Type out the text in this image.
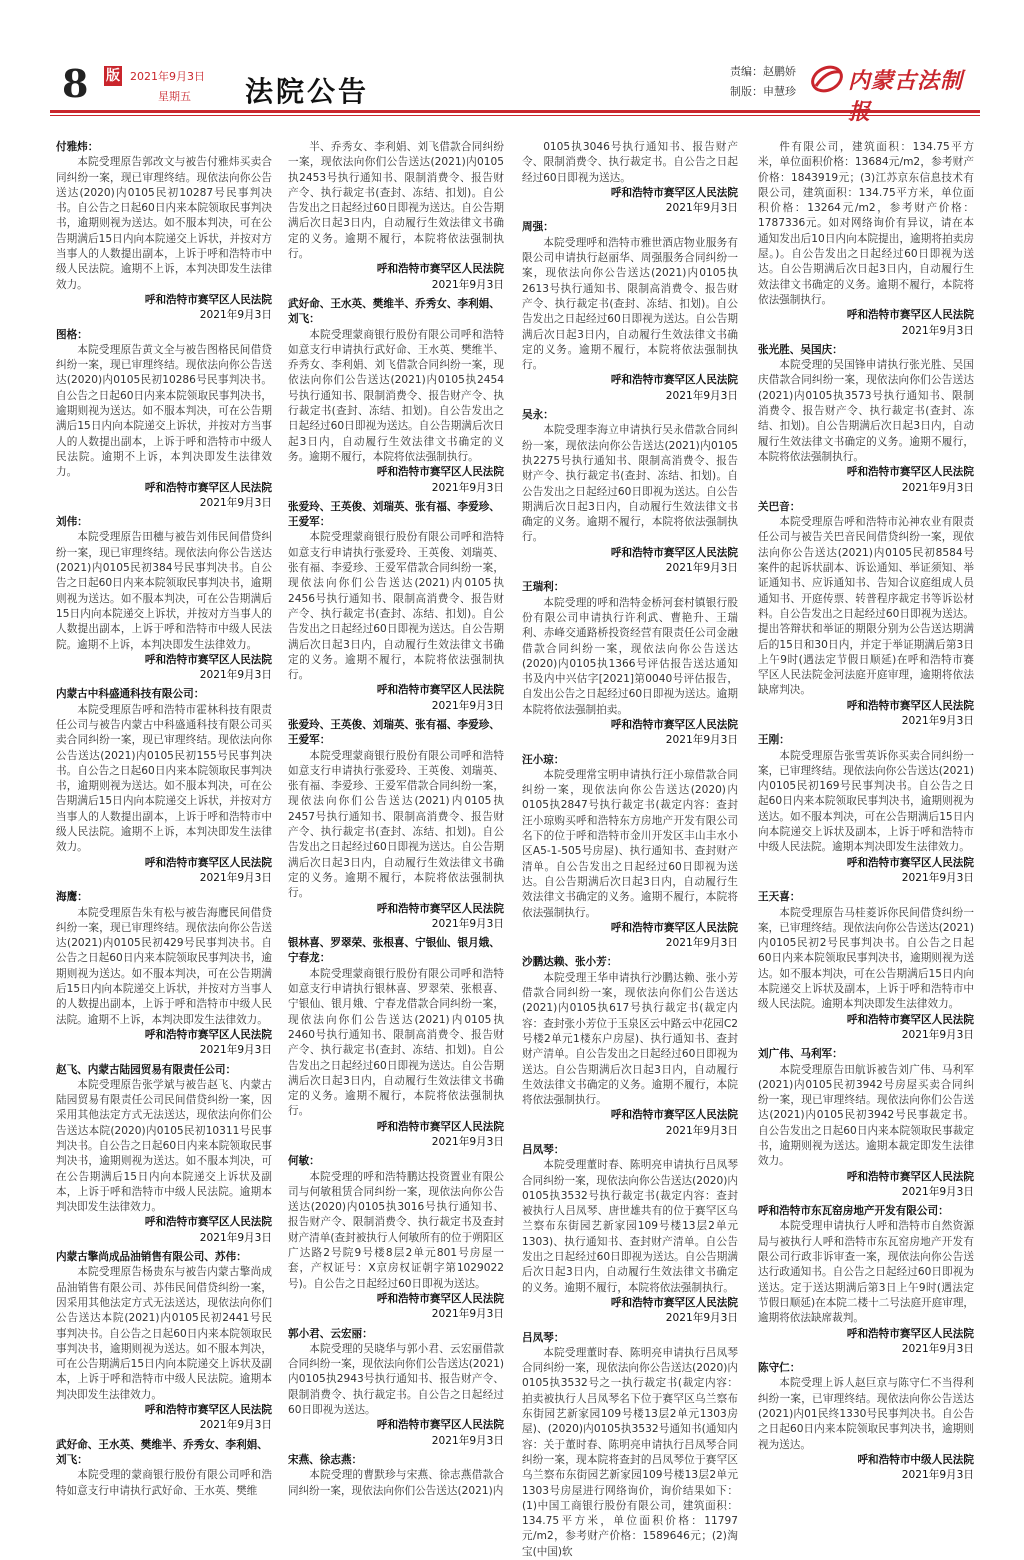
8 版 2021年9月3日
星期五 法院公告
责编：赵鹏娇
制版：申慧珍 内蒙古法制
付雅炜：
本院受理原告郭改文与被告付雅炜买卖合同纠纷一案，现已审理终结。现依法向你公告送达(2020)内0105民初10287号民事判决书。自公告之日起60日内来本院领取民事判决书，逾期则视为送达。如不服本判决，可在公告期满后15日内向本院递交上诉状，并按对方当事人的人数提出副本，上诉于呼和浩特市中级人民法院。逾期不上诉，本判决即发生法律效力。
呼和浩特市赛罕区人民法院
2021年9月3日
图格：
本院受理原告黄文全与被告图格民间借贷纠纷一案，现已审理终结。现依法向你公告送达(2020)内0105民初10286号民事判决书。自公告之日起60日内来本院领取民事判决书，逾期则视为送达。如不服本判决，可在公告期满后15日内向本院递交上诉状，并按对方当事人的人数提出副本，上诉于呼和浩特市中级人民法院。逾期不上诉，本判决即发生法律效力。
呼和浩特市赛罕区人民法院
2021年9月3日
刘伟：
本院受理原告田穗与被告刘伟民间借贷纠纷一案，现已审理终结。现依法向你公告送达(2021)内0105民初384号民事判决书。自公告之日起60日内来本院领取民事判决书，逾期则视为送达。如不服本判决，可在公告期满后15日内向本院递交上诉状，并按对方当事人的人数提出副本，上诉于呼和浩特市中级人民法院。逾期不上诉，本判决即发生法律效力。
呼和浩特市赛罕区人民法院
2021年9月3日
内蒙古中科盛通科技有限公司：
本院受理原告呼和浩特市霍林科技有限责任公司与被告内蒙古中科盛通科技有限公司买卖合同纠纷一案，现已审理终结。现依法向你公告送达(2021)内0105民初155号民事判决书。自公告之日起60日内来本院领取民事判决书，逾期则视为送达。如不服本判决，可在公告期满后15日内向本院递交上诉状，并按对方当事人的人数提出副本，上诉于呼和浩特市中级人民法院。逾期不上诉，本判决即发生法律效力。
呼和浩特市赛罕区人民法院
2021年9月3日
海鹰：
本院受理原告朱有松与被告海鹰民间借贷纠纷一案，现已审理终结。现依法向你公告送达(2021)内0105民初429号民事判决书。自公告之日起60日内来本院领取民事判决书，逾期则视为送达。如不服本判决，可在公告期满后15日内向本院递交上诉状，并按对方当事人的人数提出副本，上诉于呼和浩特市中级人民法院。逾期不上诉，本判决即发生法律效力。
呼和浩特市赛罕区人民法院
2021年9月3日
赵飞、内蒙古陆园贸易有限责任公司：
本院受理原告张学斌与被告赵飞、内蒙古陆园贸易有限责任公司民间借贷纠纷一案，因采用其他法定方式无法送达，现依法向你们公告送达本院(2020)内0105民初10311号民事判决书。自公告之日起60日内来本院领取民事判决书，逾期则视为送达。如不服本判决，可在公告期满后15日内向本院递交上诉状及副本，上诉于呼和浩特市中级人民法院。逾期本判决即发生法律效力。
呼和浩特市赛罕区人民法院
2021年9月3日
内蒙古擎尚成品油销售有限公司、苏伟：
本院受理原告杨贵东与被告内蒙古擎尚成品油销售有限公司、苏伟民间借贷纠纷一案，因采用其他法定方式无法送达，现依法向你们公告送达本院(2021)内0105民初2441号民事判决书。自公告之日起60日内来本院领取民事判决书，逾期则视为送达。如不服本判决，可在公告期满后15日内向本院递交上诉状及副本，上诉于呼和浩特市中级人民法院。逾期本判决即发生法律效力。
呼和浩特市赛罕区人民法院
2021年9月3日
武好命、王水英、樊维半、乔秀女、李利娟、刘飞：
本院受理的蒙商银行股份有限公司呼和浩特如意支行申请执行武好命、王水英、樊维
半、乔秀女、李利娟、刘飞借款合同纠纷一案，现依法向你们公告送达(2021)内0105执2453号执行通知书、限制消费令、报告财产令、执行裁定书(查封、冻结、扣划)。自公告发出之日起经过60日即视为送达。自公告期满后次日起3日内，自动履行生效法律文书确定的义务。逾期不履行，本院将依法强制执行。
呼和浩特市赛罕区人民法院
2021年9月3日
武好命、王水英、樊维半、乔秀女、李利娟、刘飞：
本院受理蒙商银行股份有限公司呼和浩特如意支行申请执行武好命、王水英、樊维半、乔秀女、李利娟、刘飞借款合同纠纷一案，现依法向你们公告送达(2021)内0105执2454号执行通知书、限制消费令、报告财产令、执行裁定书(查封、冻结、扣划)。自公告发出之日起经过60日即视为送达。自公告期满后次日起3日内，自动履行生效法律文书确定的义务。逾期不履行，本院将依法强制执行。
呼和浩特市赛罕区人民法院
2021年9月3日
张爱玲、王英俊、刘瑞英、张有福、李爱珍、王爱军：
本院受理蒙商银行股份有限公司呼和浩特如意支行申请执行张爱玲、王英俊、刘瑞英、张有福、李爱珍、王爱军借款合同纠纷一案，现依法向你们公告送达(2021)内0105执2456号执行通知书、限制高消费令、报告财产令、执行裁定书(查封、冻结、扣划)。自公告发出之日起经过60日即视为送达。自公告期满后次日起3日内，自动履行生效法律文书确定的义务。逾期不履行，本院将依法强制执行。
呼和浩特市赛罕区人民法院
2021年9月3日
张爱玲、王英俊、刘瑞英、张有福、李爱珍、王爱军：
本院受理蒙商银行股份有限公司呼和浩特如意支行申请执行张爱玲、王英俊、刘瑞英、张有福、李爱珍、王爱军借款合同纠纷一案，现依法向你们公告送达(2021)内0105执2457号执行通知书、限制高消费令、报告财产令、执行裁定书(查封、冻结、扣划)。自公告发出之日起经过60日即视为送达。自公告期满后次日起3日内，自动履行生效法律文书确定的义务。逾期不履行，本院将依法强制执行。
呼和浩特市赛罕区人民法院
2021年9月3日
银林喜、罗翠荣、张根喜、宁银仙、银月娥、宁春龙：
本院受理蒙商银行股份有限公司呼和浩特如意支行申请执行银林喜、罗翠荣、张根喜、宁银仙、银月娥、宁春龙借款合同纠纷一案，现依法向你们公告送达(2021)内0105执2460号执行通知书、限制高消费令、报告财产令、执行裁定书(查封、冻结、扣划)。自公告发出之日起经过60日即视为送达。自公告期满后次日起3日内，自动履行生效法律文书确定的义务。逾期不履行，本院将依法强制执行。
呼和浩特市赛罕区人民法院
2021年9月3日
何敏：
本院受理的呼和浩特鹏达投资置业有限公司与何敏租赁合同纠纷一案，现依法向你公告送达(2020)内0105执3016号执行通知书、报告财产令、限制消费令、执行裁定书及查封财产清单(查封被执行人何敏所有的位于朔阳区广达路2号院9号楼8层2单元801号房屋一套，产权证号：X京房权证朝字第1029022号)。自公告之日起经过60日即视为送达。
呼和浩特市赛罕区人民法院
2021年9月3日
郭小君、云宏丽：
本院受理的吴晓华与郭小君、云宏丽借款合同纠纷一案，现依法向你们公告送达(2021)内0105执2943号执行通知书、报告财产令、限制消费令、执行裁定书。自公告之日起经过60日即视为送达。
呼和浩特市赛罕区人民法院
2021年9月3日
宋燕、徐志燕：
本院受理的曹默珍与宋燕、徐志燕借款合同纠纷一案，现依法向你们公告送达(2021)内
0105执3046号执行通知书、报告财产令、限制消费令、执行裁定书。自公告之日起经过60日即视为送达。
呼和浩特市赛罕区人民法院
2021年9月3日
周强：
本院受理呼和浩特市雅世酒店物业服务有限公司申请执行赵丽华、周强服务合同纠纷一案，现依法向你公告送达(2021)内0105执2613号执行通知书、限制高消费令、报告财产令、执行裁定书(查封、冻结、扣划)。自公告发出之日起经过60日即视为送达。自公告期满后次日起3日内，自动履行生效法律文书确定的义务。逾期不履行，本院将依法强制执行。
呼和浩特市赛罕区人民法院
2021年9月3日
吴永：
本院受理李海立申请执行吴永借款合同纠纷一案，现依法向你公告送达(2021)内0105执2275号执行通知书、限制高消费令、报告财产令、执行裁定书(查封、冻结、扣划)。自公告发出之日起经过60日即视为送达。自公告期满后次日起3日内，自动履行生效法律文书确定的义务。逾期不履行，本院将依法强制执行。
呼和浩特市赛罕区人民法院
2021年9月3日
王瑞利：
本院受理的呼和浩特金桥河套村镇银行股份有限公司申请执行许利武、曹艳升、王瑞利、赤峰交通路桥投资经营有限责任公司金融借款合同纠纷一案，现依法向你公告送达(2020)内0105执1366号评估报告送达通知书及内中兴估字[2021]第0040号评估报告，自发出公告之日起经过60日即视为送达。逾期本院将依法强制拍卖。
呼和浩特市赛罕区人民法院
2021年9月3日
汪小琼：
本院受理常宝明申请执行汪小琼借款合同纠纷一案，现依法向你公告送达(2020)内0105执2847号执行裁定书(裁定内容：查封汪小琼购买呼和浩特东方房地产开发有限公司名下的位于呼和浩特市金川开发区丰山丰水小区A5-1-505号房屋)、执行通知书、查封财产清单。自公告发出之日起经过60日即视为送达。自公告期满后次日起3日内，自动履行生效法律文书确定的义务。逾期不履行，本院将依法强制执行。
呼和浩特市赛罕区人民法院
2021年9月3日
沙鹏达赖、张小芳：
本院受理王华申请执行沙鹏达赖、张小芳借款合同纠纷一案，现依法向你们公告送达(2021)内0105执617号执行裁定书(裁定内容：查封张小芳位于玉泉区云中路云中花园C2号楼2单元1楼东户房屋)、执行通知书、查封财产清单。自公告发出之日起经过60日即视为送达。自公告期满后次日起3日内，自动履行生效法律文书确定的义务。逾期不履行，本院将依法强制执行。
呼和浩特市赛罕区人民法院
2021年9月3日
吕凤琴：
本院受理董时春、陈明亮申请执行吕凤琴合同纠纷一案，现依法向你公告送达(2020)内0105执3532号执行裁定书(裁定内容：查封被执行人吕凤琴、唐世雄共有的位于赛罕区乌兰察布东街园艺新家园109号楼13层2单元1303)、执行通知书、查封财产清单。自公告发出之日起经过60日即视为送达。自公告期满后次日起3日内，自动履行生效法律文书确定的义务。逾期不履行，本院将依法强制执行。
呼和浩特市赛罕区人民法院
2021年9月3日
吕凤琴：
本院受理董时春、陈明亮申请执行吕凤琴合同纠纷一案，现依法向你公告送达(2020)内0105执3532号之一执行裁定书(裁定内容：拍卖被执行人吕凤琴名下位于赛罕区乌兰察布东街园艺新家园109号楼13层2单元1303房屋)、(2020)内0105执3532号通知书(通知内容：关于董时春、陈明亮申请执行吕凤琴合同纠纷一案，现本院将查封的吕凤琴位于赛罕区乌兰察布东街园艺新家园109号楼13层2单元1303号房屋进行网络询价，询价结果如下：(1)中国工商银行股份有限公司，建筑面积：134.75平方米，单位面积价格：11797元/m2，参考财产价格：1589646元；(2)淘宝(中国)软
件有限公司，建筑面积：134.75平方米，单位面积价格：13684元/m2，参考财产价格：1843919元；(3)江苏京东信息技术有限公司，建筑面积：134.75平方米，单位面积价格：13264元/m2，参考财产价格：1787336元。如对网络询价有异议，请在本通知发出后10日内向本院提出，逾期将拍卖房屋。)。自公告发出之日起经过60日即视为送达。自公告期满后次日起3日内，自动履行生效法律文书确定的义务。逾期不履行，本院将依法强制执行。
呼和浩特市赛罕区人民法院
2021年9月3日
张光胜、吴国庆：
本院受理的吴国锋申请执行张光胜、吴国庆借款合同纠纷一案，现依法向你们公告送达(2021)内0105执3573号执行通知书、限制消费令、报告财产令、执行裁定书(查封、冻结、扣划)。自公告期满后次日起3日内，自动履行生效法律文书确定的义务。逾期不履行，本院将依法强制执行。
呼和浩特市赛罕区人民法院
2021年9月3日
关巴音：
本院受理原告呼和浩特市沁神农业有限责任公司与被告关巴音民间借贷纠纷一案，现依法向你公告送达(2021)内0105民初8584号案件的起诉状副本、诉讼通知、举证须知、举证通知书、应诉通知书、告知合议庭组成人员通知书、开庭传票、转普程序裁定书等诉讼材料。自公告发出之日起经过60日即视为送达。提出答辩状和举证的期限分别为公告送达期满后的15日和30日内，并定于举证期满后第3日上午9时(遇法定节假日顺延)在呼和浩特市赛罕区人民法院金河法庭开庭审理，逾期将依法缺席判决。
呼和浩特市赛罕区人民法院
2021年9月3日
王刚：
本院受理原告张雪英诉你买卖合同纠纷一案，已审理终结。现依法向你公告送达(2021)内0105民初169号民事判决书。自公告之日起60日内来本院领取民事判决书，逾期则视为送达。如不服本判决，可在公告期满后15日内向本院递交上诉状及副本，上诉于呼和浩特市中级人民法院。逾期本判决即发生法律效力。
呼和浩特市赛罕区人民法院
2021年9月3日
王天喜：
本院受理原告马桂菱诉你民间借贷纠纷一案，已审理终结。现依法向你公告送达(2021)内0105民初2号民事判决书。自公告之日起60日内来本院领取民事判决书，逾期则视为送达。如不服本判决，可在公告期满后15日内向本院递交上诉状及副本，上诉于呼和浩特市中级人民法院。逾期本判决即发生法律效力。
呼和浩特市赛罕区人民法院
2021年9月3日
刘广伟、马利军：
本院受理原告田航诉被告刘广伟、马利军(2021)内0105民初3942号房屋买卖合同纠纷一案，现已审理终结。现依法向你们公告送达(2021)内0105民初3942号民事裁定书。自公告发出之日起60日内来本院领取民事裁定书，逾期则视为送达。逾期本裁定即发生法律效力。
呼和浩特市赛罕区人民法院
2021年9月3日
呼和浩特市东瓦窑房地产开发有限公司：
本院受理申请执行人呼和浩特市自然资源局与被执行人呼和浩特市东瓦窑房地产开发有限公司行政非诉审查一案，现依法向你公告送达行政通知书。自公告之日起经过60日即视为送达。定于送达期满后第3日上午9时(遇法定节假日顺延)在本院二楼十二号法庭开庭审理，逾期将依法缺席裁判。
呼和浩特市赛罕区人民法院
2021年9月3日
陈守仁：
本院受理上诉人赵巨京与陈守仁不当得利纠纷一案，已审理终结。现依法向你公告送达(2021)内01民终1330号民事判决书。自公告之日起60日内来本院领取民事判决书，逾期则视为送达。
呼和浩特市中级人民法院
2021年9月3日
